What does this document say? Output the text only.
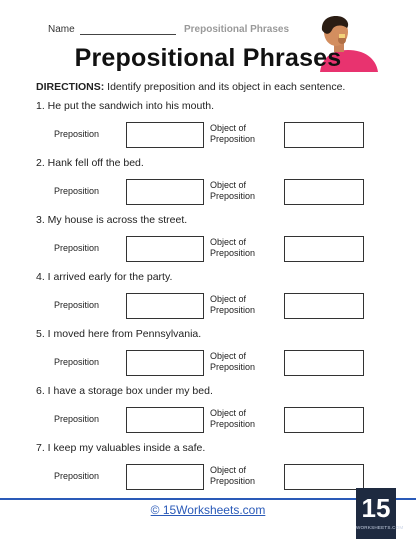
Name	Prepositional Phrases
Prepositional Phrases
DIRECTIONS: Identify preposition and its object in each sentence.
1. He put the sandwich into his mouth.
Preposition
Object of
Preposition
2. Hank fell off the bed.
Preposition
Object of
Preposition
3. My house is across the street.
Preposition
Object of
Preposition
4. I arrived early for the party.
Preposition
Object of
Preposition
5. I moved here from Pennsylvania.
Preposition
Object of
Preposition
6. I have a storage box under my bed.
Preposition
Object of
Preposition
7. I keep my valuables inside a safe.
Preposition
Object of
Preposition
© 15Worksheets.com	15
WORKSHEETS.COM
